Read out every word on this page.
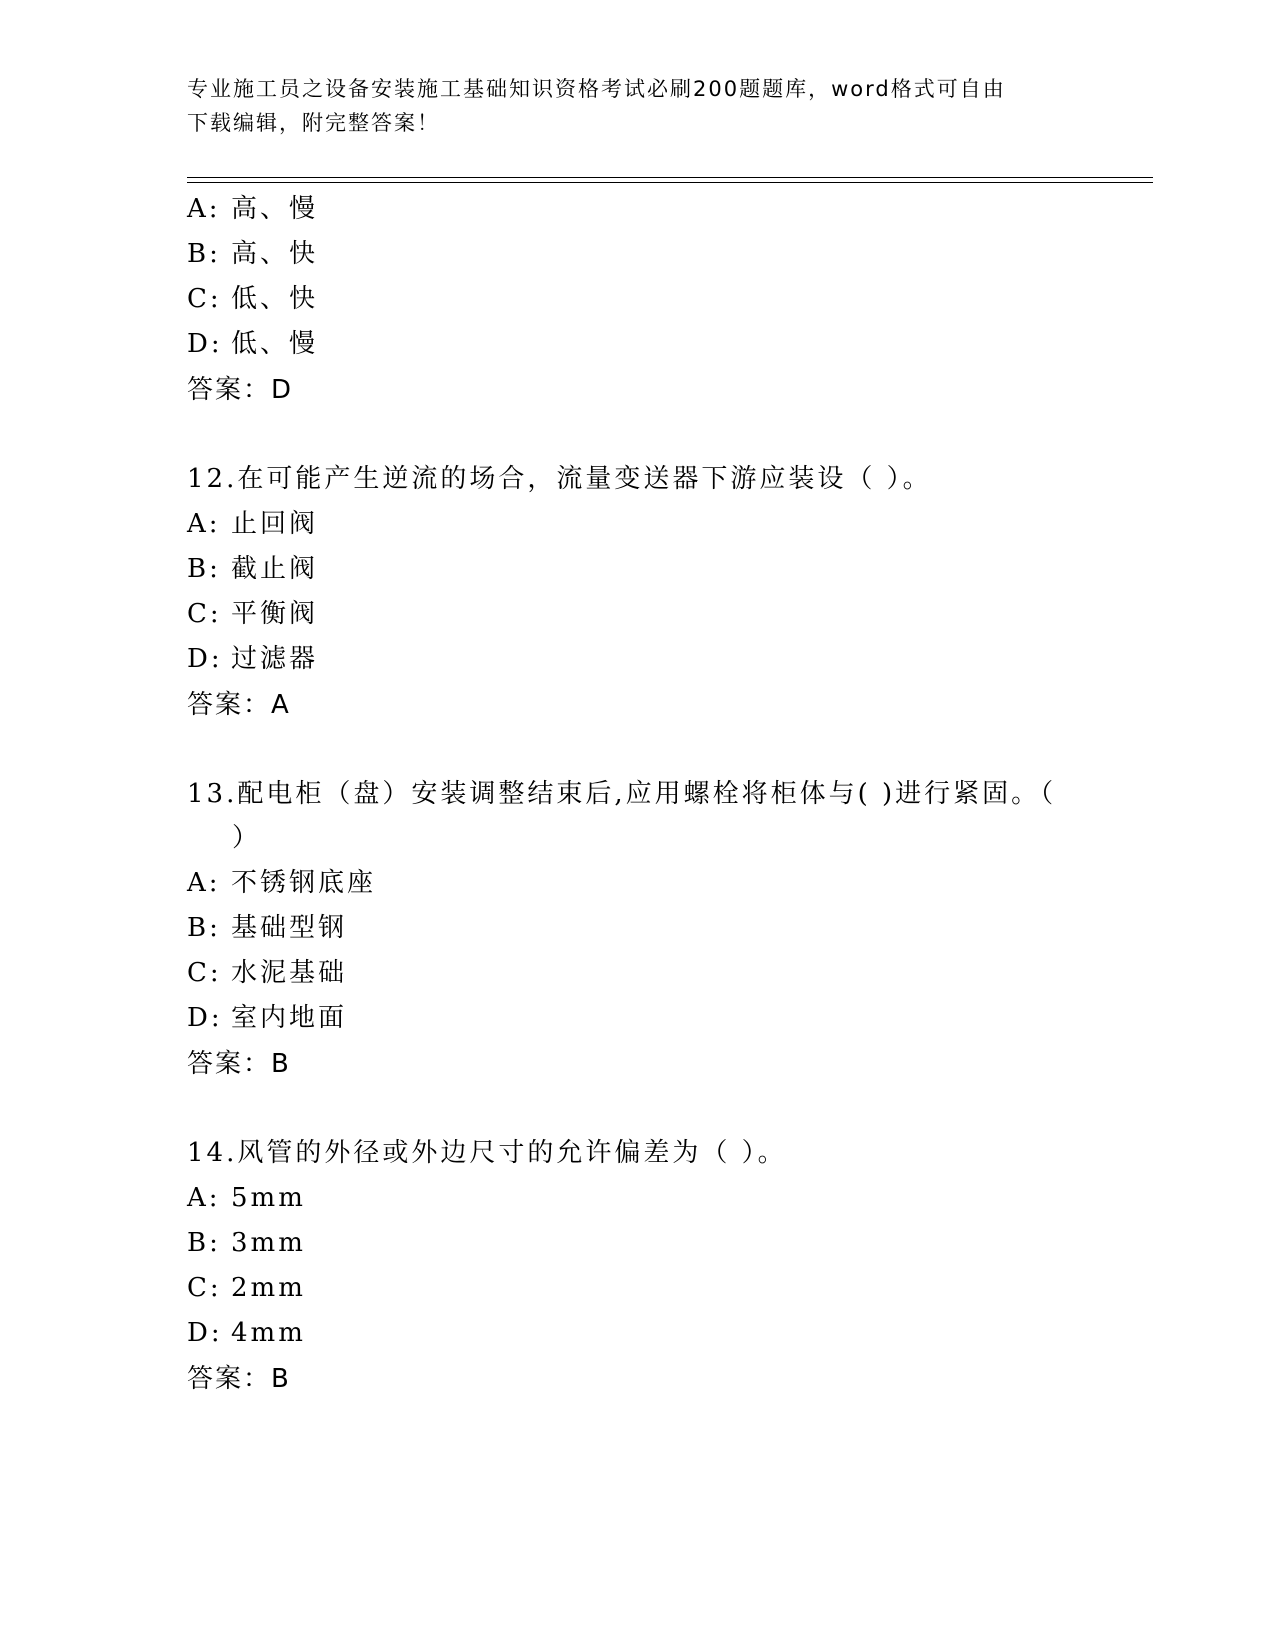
专业施工员之设备安装施工基础知识资格考试必刷200题题库，word格式可自由
下载编辑，附完整答案！
A: 高、慢
B: 高、快
C: 低、快
D: 低、慢
答案：D
12.在可能产生逆流的场合，流量变送器下游应装设（ ）。
A: 止回阀
B: 截止阀
C: 平衡阀
D: 过滤器
答案：A
13.配电柜（盘）安装调整结束后,应用螺栓将柜体与( )进行紧固。（
）
A: 不锈钢底座
B: 基础型钢
C: 水泥基础
D: 室内地面
答案：B
14.风管的外径或外边尺寸的允许偏差为（ ）。
A: 5mm
B: 3mm
C: 2mm
D: 4mm
答案：B
